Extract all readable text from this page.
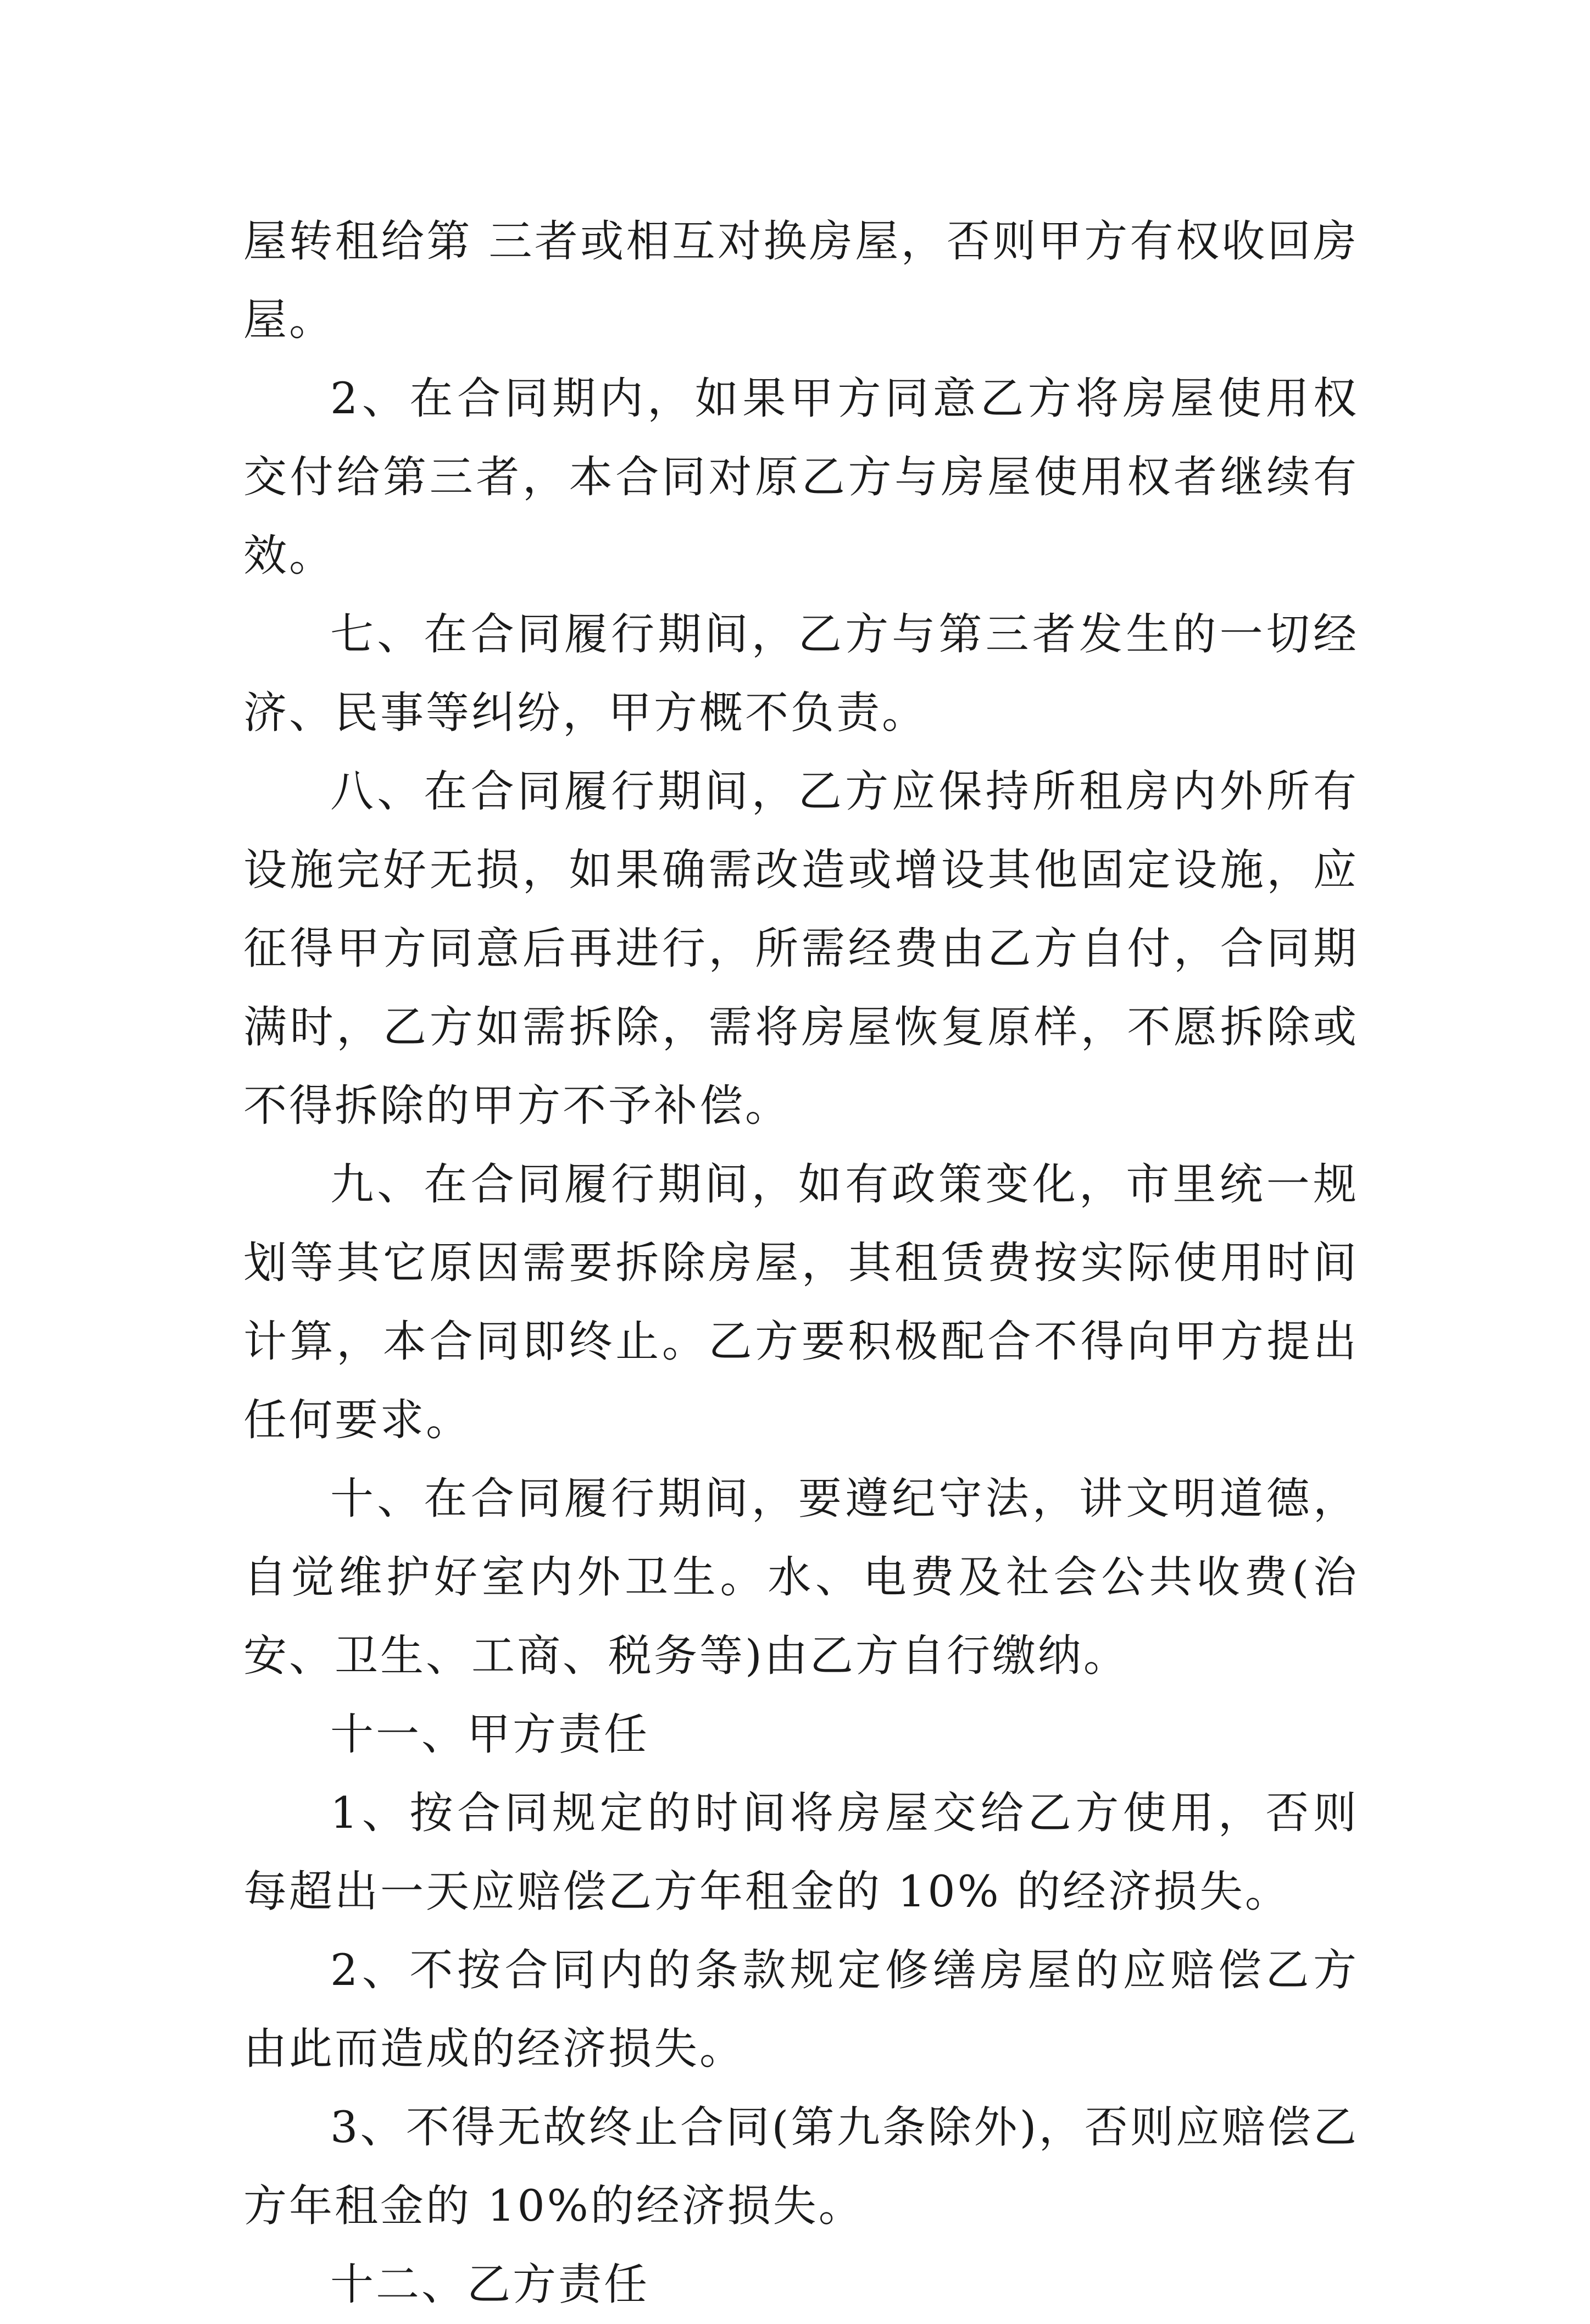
屋转租给第 三者或相互对换房屋，否则甲方有权收回房屋。

2、在合同期内，如果甲方同意乙方将房屋使用权交付给第三者，本合同对原乙方与房屋使用权者继续有效。

七、在合同履行期间，乙方与第三者发生的一切经济、民事等纠纷，甲方概不负责。

八、在合同履行期间，乙方应保持所租房内外所有设施完好无损，如果确需改造或增设其他固定设施，应征得甲方同意后再进行，所需经费由乙方自付，合同期满时，乙方如需拆除，需将房屋恢复原样，不愿拆除或不得拆除的甲方不予补偿。

九、在合同履行期间，如有政策变化，市里统一规划等其它原因需要拆除房屋，其租赁费按实际使用时间计算，本合同即终止。乙方要积极配合不得向甲方提出任何要求。

十、在合同履行期间，要遵纪守法，讲文明道德，自觉维护好室内外卫生。水、电费及社会公共收费(治安、卫生、工商、税务等)由乙方自行缴纳。

十一、甲方责任

1、按合同规定的时间将房屋交给乙方使用，否则每超出一天应赔偿乙方年租金的 10% 的经济损失。

2、不按合同内的条款规定修缮房屋的应赔偿乙方由此而造成的经济损失。

3、不得无故终止合同(第九条除外)，否则应赔偿乙方年租金的 10%的经济损失。

十二、乙方责任
